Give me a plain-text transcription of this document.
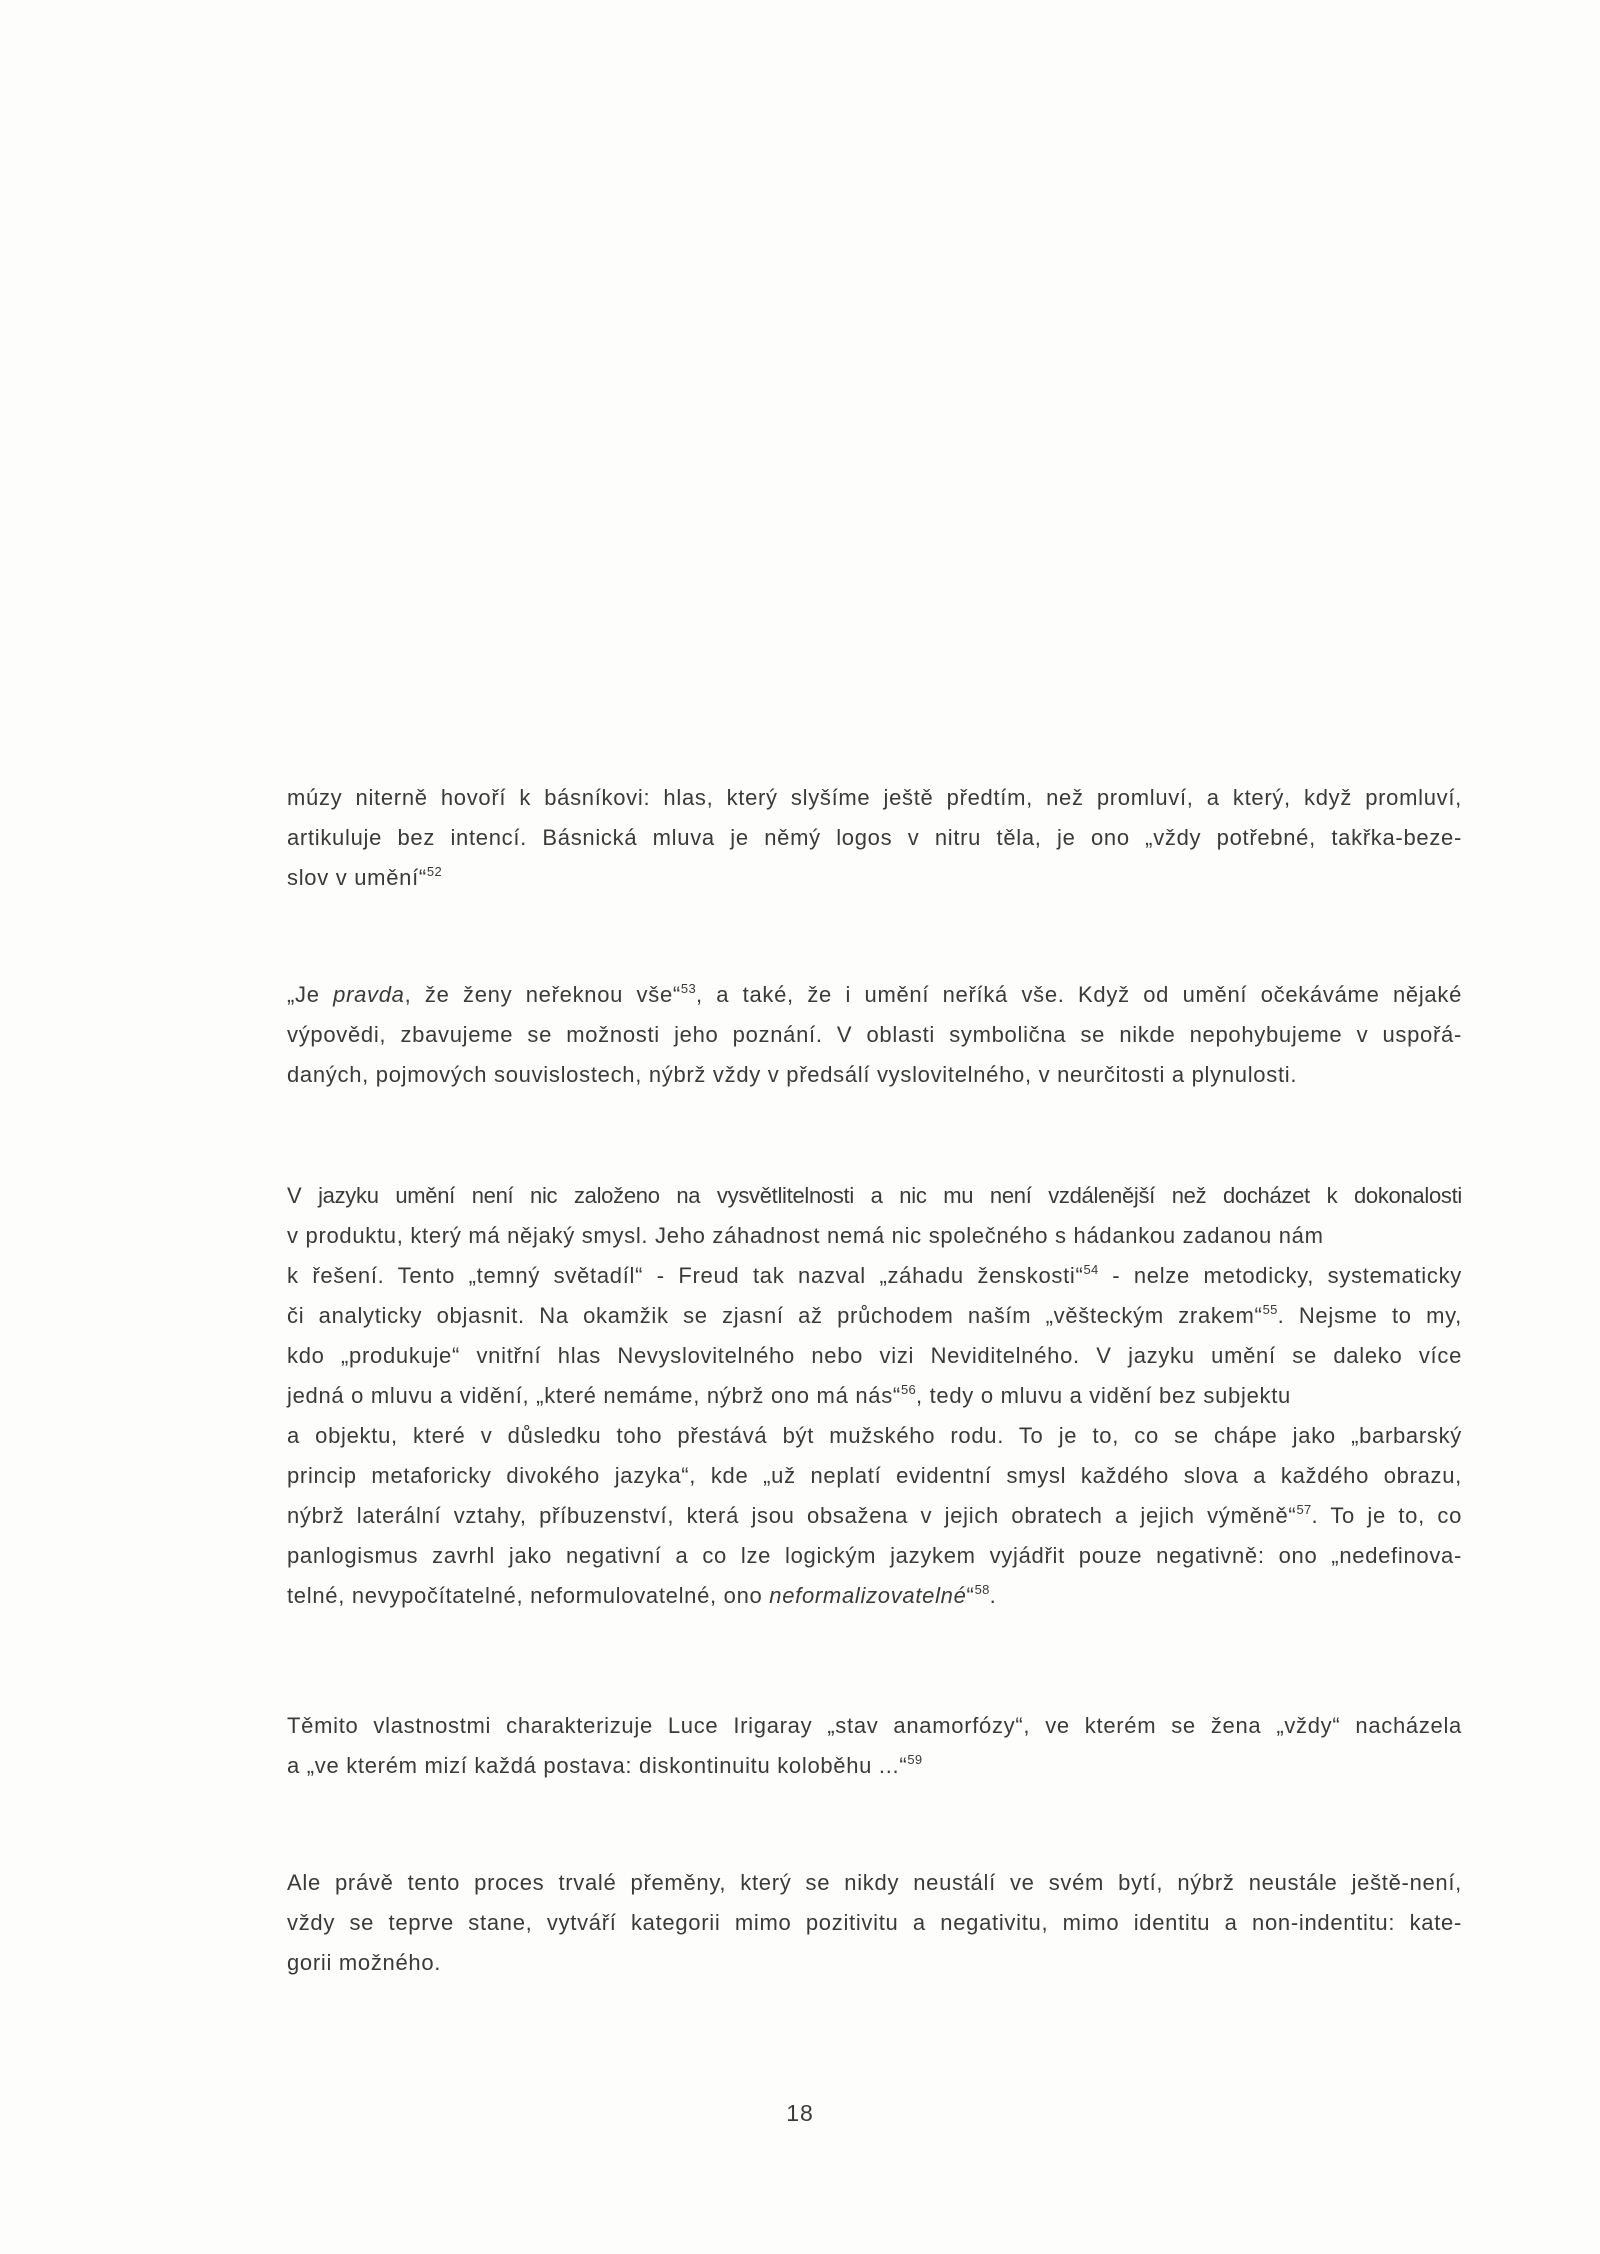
múzy niterně hovoří k básníkovi: hlas, který slyšíme ještě předtím, než promluví, a který, když promluví,
artikuluje bez intencí. Básnická mluva je němý logos v nitru těla, je ono „vždy potřebné, takřka-beze-
slov v umění“$^{52}$

„Je pravda, že ženy neřeknou vše“$^{53}$, a také, že i umění neříká vše. Když od umění očekáváme nějaké
výpovědi, zbavujeme se možnosti jeho poznání. V oblasti symbolična se nikde nepohybujeme v uspořá-
daných, pojmových souvislostech, nýbrž vždy v předsálí vyslovitelného, v neurčitosti a plynulosti.

V jazyku umění není nic založeno na vysvětlitelnosti a nic mu není vzdálenější než docházet k dokonalosti
v produktu, který má nějaký smysl. Jeho záhadnost nemá nic společného s hádankou zadanou nám
k řešení. Tento „temný světadíl“ - Freud tak nazval „záhadu ženskosti“$^{54}$ - nelze metodicky, systematicky
či analyticky objasnit. Na okamžik se zjasní až průchodem naším „věšteckým zrakem“$^{55}$. Nejsme to my,
kdo „produkuje“ vnitřní hlas Nevyslovitelného nebo vizi Neviditelného. V jazyku umění se daleko více
jedná o mluvu a vidění, „které nemáme, nýbrž ono má nás“$^{56}$, tedy o mluvu a vidění bez subjektu
a objektu, které v důsledku toho přestává být mužského rodu. To je to, co se chápe jako „barbarský
princip metaforicky divokého jazyka“, kde „už neplatí evidentní smysl každého slova a každého obrazu,
nýbrž laterální vztahy, příbuzenství, která jsou obsažena v jejich obratech a jejich výměně“$^{57}$. To je to, co
panlogismus zavrhl jako negativní a co lze logickým jazykem vyjádřit pouze negativně: ono „nedefinova-
telné, nevypočítatelné, neformulovatelné, ono neformalizovatelné“$^{58}$.

Těmito vlastnostmi charakterizuje Luce Irigaray „stav anamorfózy“, ve kterém se žena „vždy“ nacházela
a „ve kterém mizí každá postava: diskontinuitu koloběhu ...“$^{59}$

Ale právě tento proces trvalé přeměny, který se nikdy neustálí ve svém bytí, nýbrž neustále ještě-není,
vždy se teprve stane, vytváří kategorii mimo pozitivitu a negativitu, mimo identitu a non-indentitu: kate-
gorii možného.

18
